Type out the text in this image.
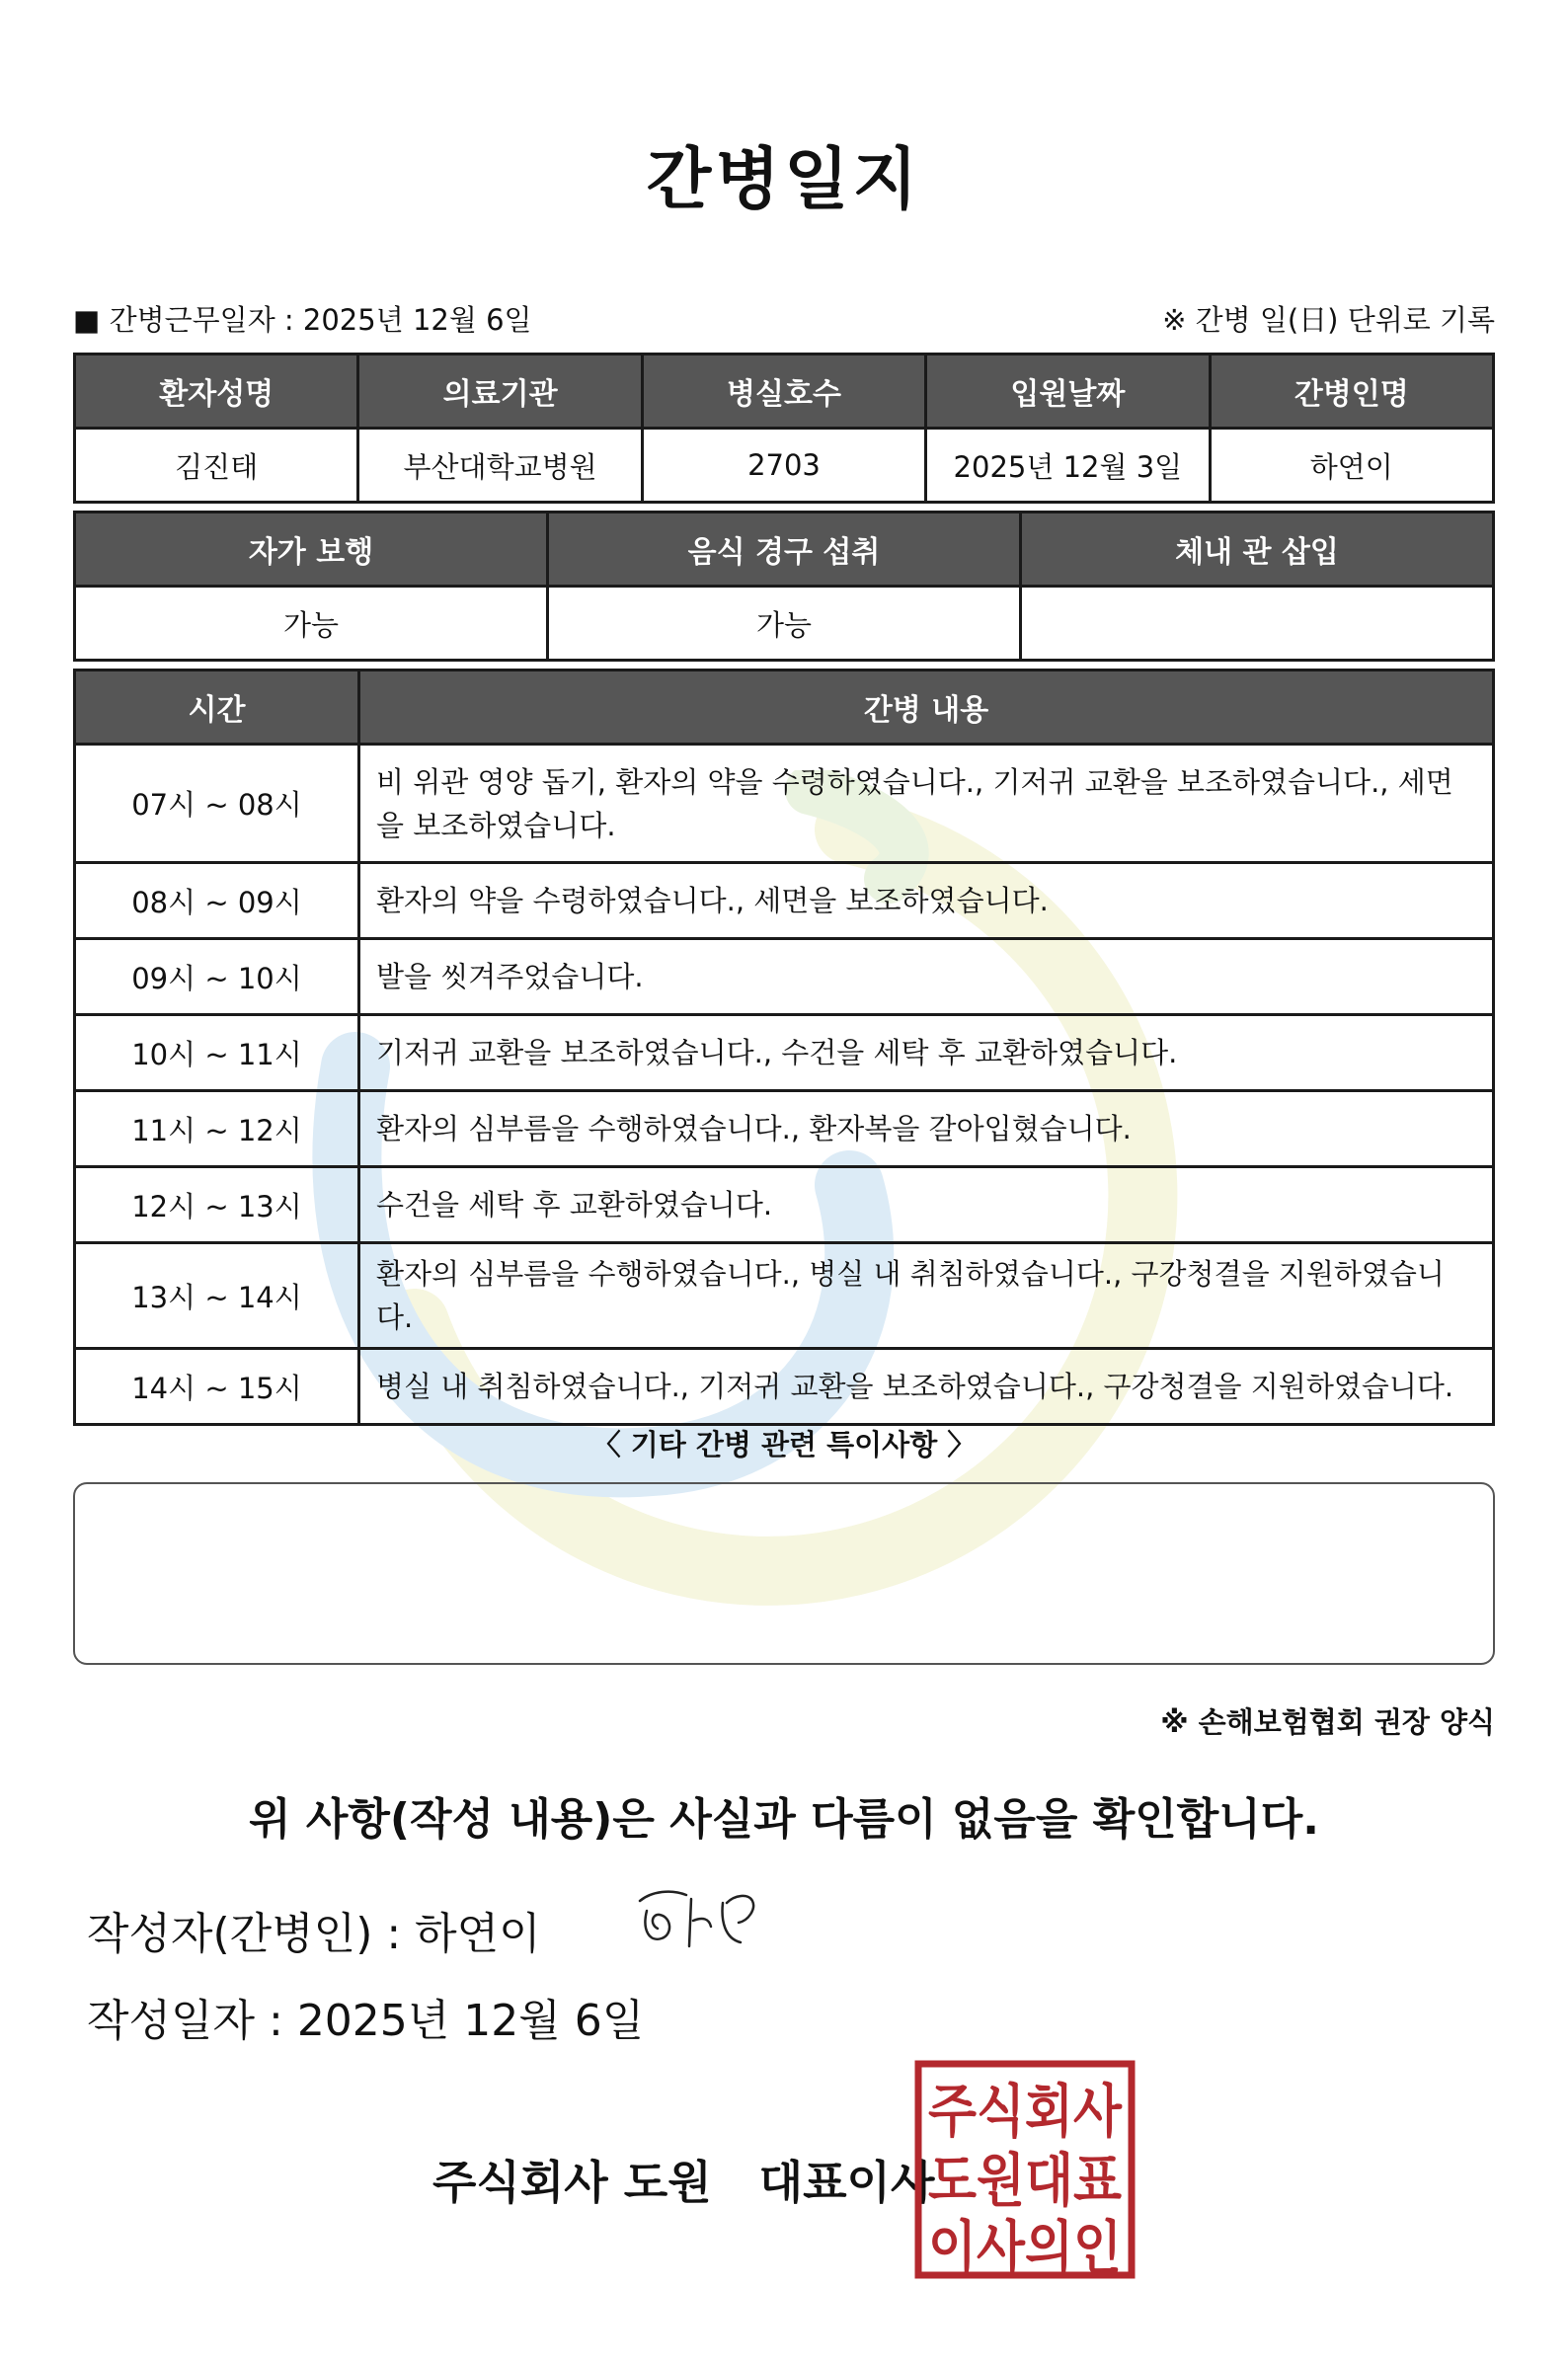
간병일지
■ 간병근무일자 : 2025년 12월 6일	※ 간병 일(日) 단위로 기록
환자성명	의료기관	병실호수	입원날짜	간병인명
김진태	부산대학교병원	2703	2025년 12월 3일	하연이
자가 보행	음식 경구 섭취	체내 관 삽입
가능	가능	
시간	간병 내용
07시 ~ 08시	비 위관 영양 돕기, 환자의 약을 수령하였습니다., 기저귀 교환을 보조하였습니다., 세면을 보조하였습니다.
08시 ~ 09시	환자의 약을 수령하였습니다., 세면을 보조하였습니다.
09시 ~ 10시	발을 씻겨주었습니다.
10시 ~ 11시	기저귀 교환을 보조하였습니다., 수건을 세탁 후 교환하였습니다.
11시 ~ 12시	환자의 심부름을 수행하였습니다., 환자복을 갈아입혔습니다.
12시 ~ 13시	수건을 세탁 후 교환하였습니다.
13시 ~ 14시	환자의 심부름을 수행하였습니다., 병실 내 취침하였습니다., 구강청결을 지원하였습니다.
14시 ~ 15시	병실 내 취침하였습니다., 기저귀 교환을 보조하였습니다., 구강청결을 지원하였습니다.
〈 기타 간병 관련 특이사항 〉
※ 손해보험협회 권장 양식
위 사항(작성 내용)은 사실과 다름이 없음을 확인합니다.
작성자(간병인) : 하연이
작성일자 : 2025년 12월 6일
주식회사 도원   대표이사
주식회사
도원대표
이사의인
